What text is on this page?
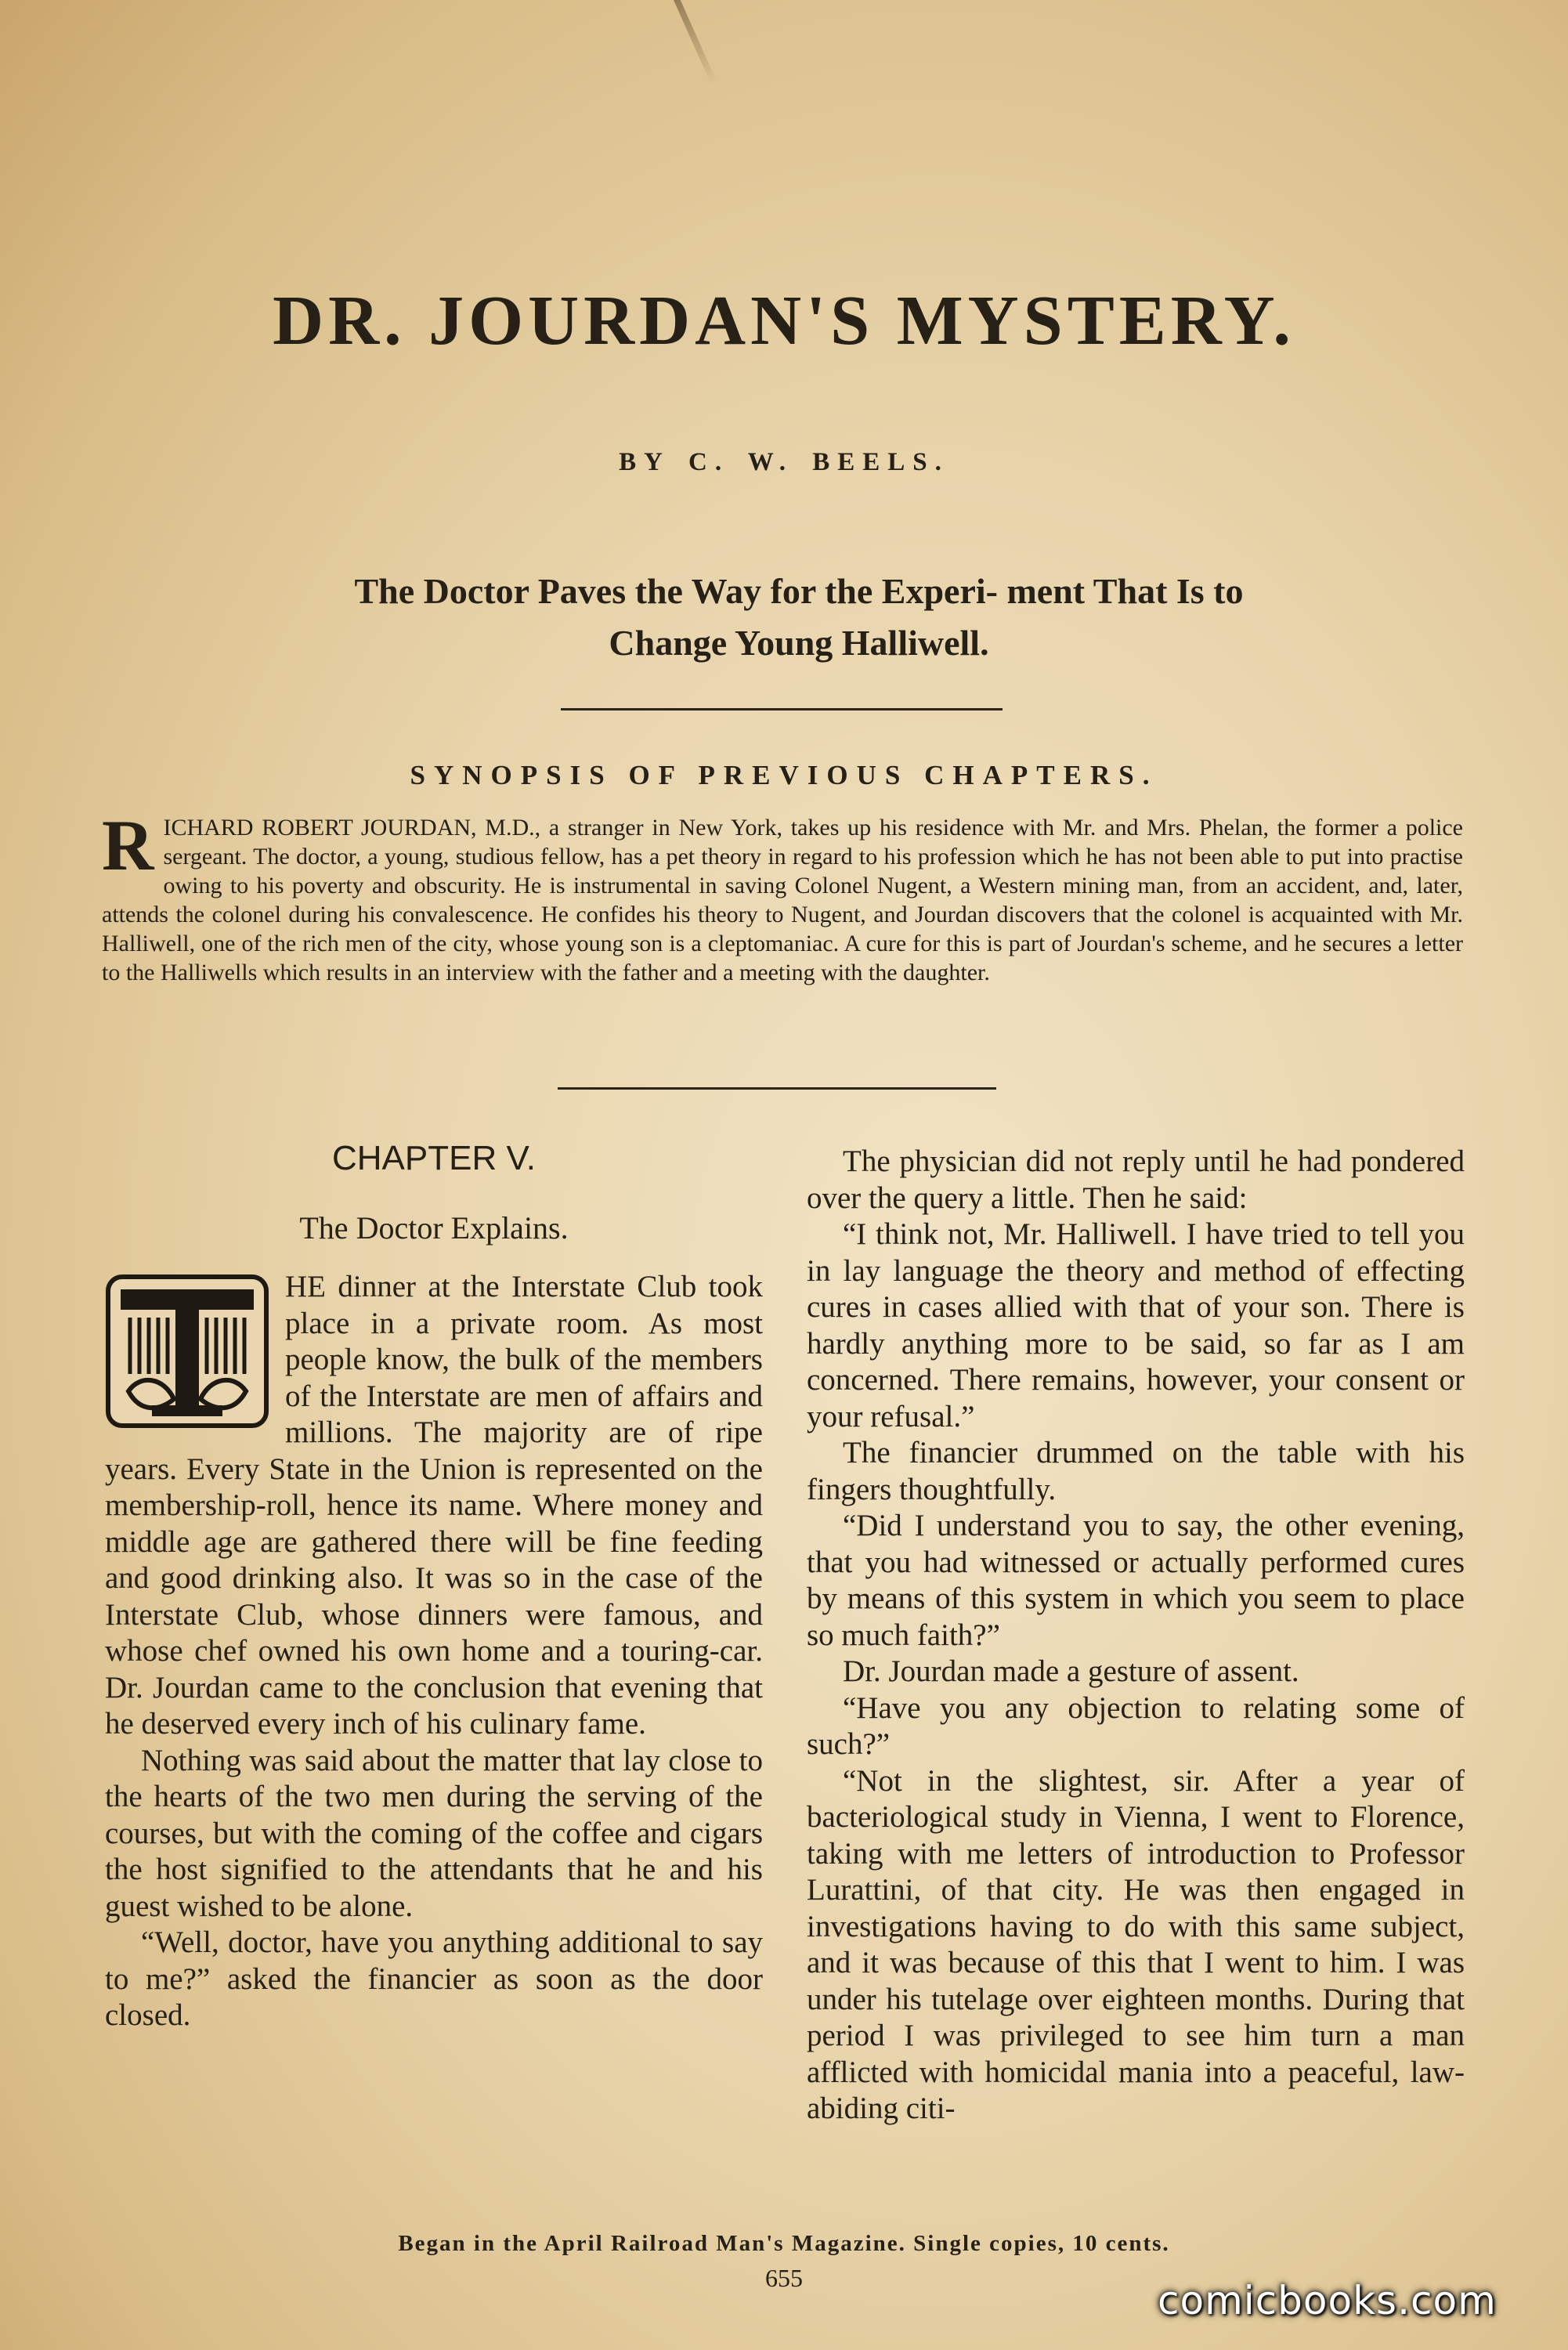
DR. JOURDAN'S MYSTERY.
BY C. W. BEELS.
The Doctor Paves the Way for the Experi- ment That Is to Change Young Halliwell.
SYNOPSIS OF PREVIOUS CHAPTERS.

RICHARD ROBERT JOURDAN, M.D., a stranger in New York, takes up his residence with Mr. and Mrs. Phelan, the former a police sergeant. The doctor, a young, studious fellow, has a pet theory in regard to his profession which he has not been able to put into practise owing to his poverty and obscurity. He is instrumental in saving Colonel Nugent, a Western mining man, from an accident, and, later, attends the colonel during his convalescence. He confides his theory to Nugent, and Jourdan discovers that the colonel is acquainted with Mr. Halliwell, one of the rich men of the city, whose young son is a cleptomaniac. A cure for this is part of Jourdan's scheme, and he secures a letter to the Halliwells which results in an interview with the father and a meeting with the daughter.

CHAPTER V.
The Doctor Explains.
T

HE dinner at the Interstate Club took place in a private room. As most people know, the bulk of the members of the Interstate are men of affairs and millions. The majority are of ripe years. Every State in the Union is represented on the membership-roll, hence its name. Where money and middle age are gathered there will be fine feeding and good drinking also. It was so in the case of the Interstate Club, whose dinners were famous, and whose chef owned his own home and a touring-car. Dr. Jourdan came to the conclusion that evening that he deserved every inch of his culinary fame.

Nothing was said about the matter that lay close to the hearts of the two men during the serving of the courses, but with the coming of the coffee and cigars the host signified to the attendants that he and his guest wished to be alone.

“Well, doctor, have you anything additional to say to me?” asked the financier as soon as the door closed.

The physician did not reply until he had pondered over the query a little. Then he said:

“I think not, Mr. Halliwell. I have tried to tell you in lay language the theory and method of effecting cures in cases allied with that of your son. There is hardly anything more to be said, so far as I am concerned. There remains, however, your consent or your refusal.”

The financier drummed on the table with his fingers thoughtfully.

“Did I understand you to say, the other evening, that you had witnessed or actually performed cures by means of this system in which you seem to place so much faith?”

Dr. Jourdan made a gesture of assent.

“Have you any objection to relating some of such?”

“Not in the slightest, sir. After a year of bacteriological study in Vienna, I went to Florence, taking with me letters of introduction to Professor Lurattini, of that city. He was then engaged in investigations having to do with this same subject, and it was because of this that I went to him. I was under his tutelage over eighteen months. During that period I was privileged to see him turn a man afflicted with homicidal mania into a peaceful, law-abiding citi-

Began in the April Railroad Man's Magazine. Single copies, 10 cents.
655	comicbooks.com
